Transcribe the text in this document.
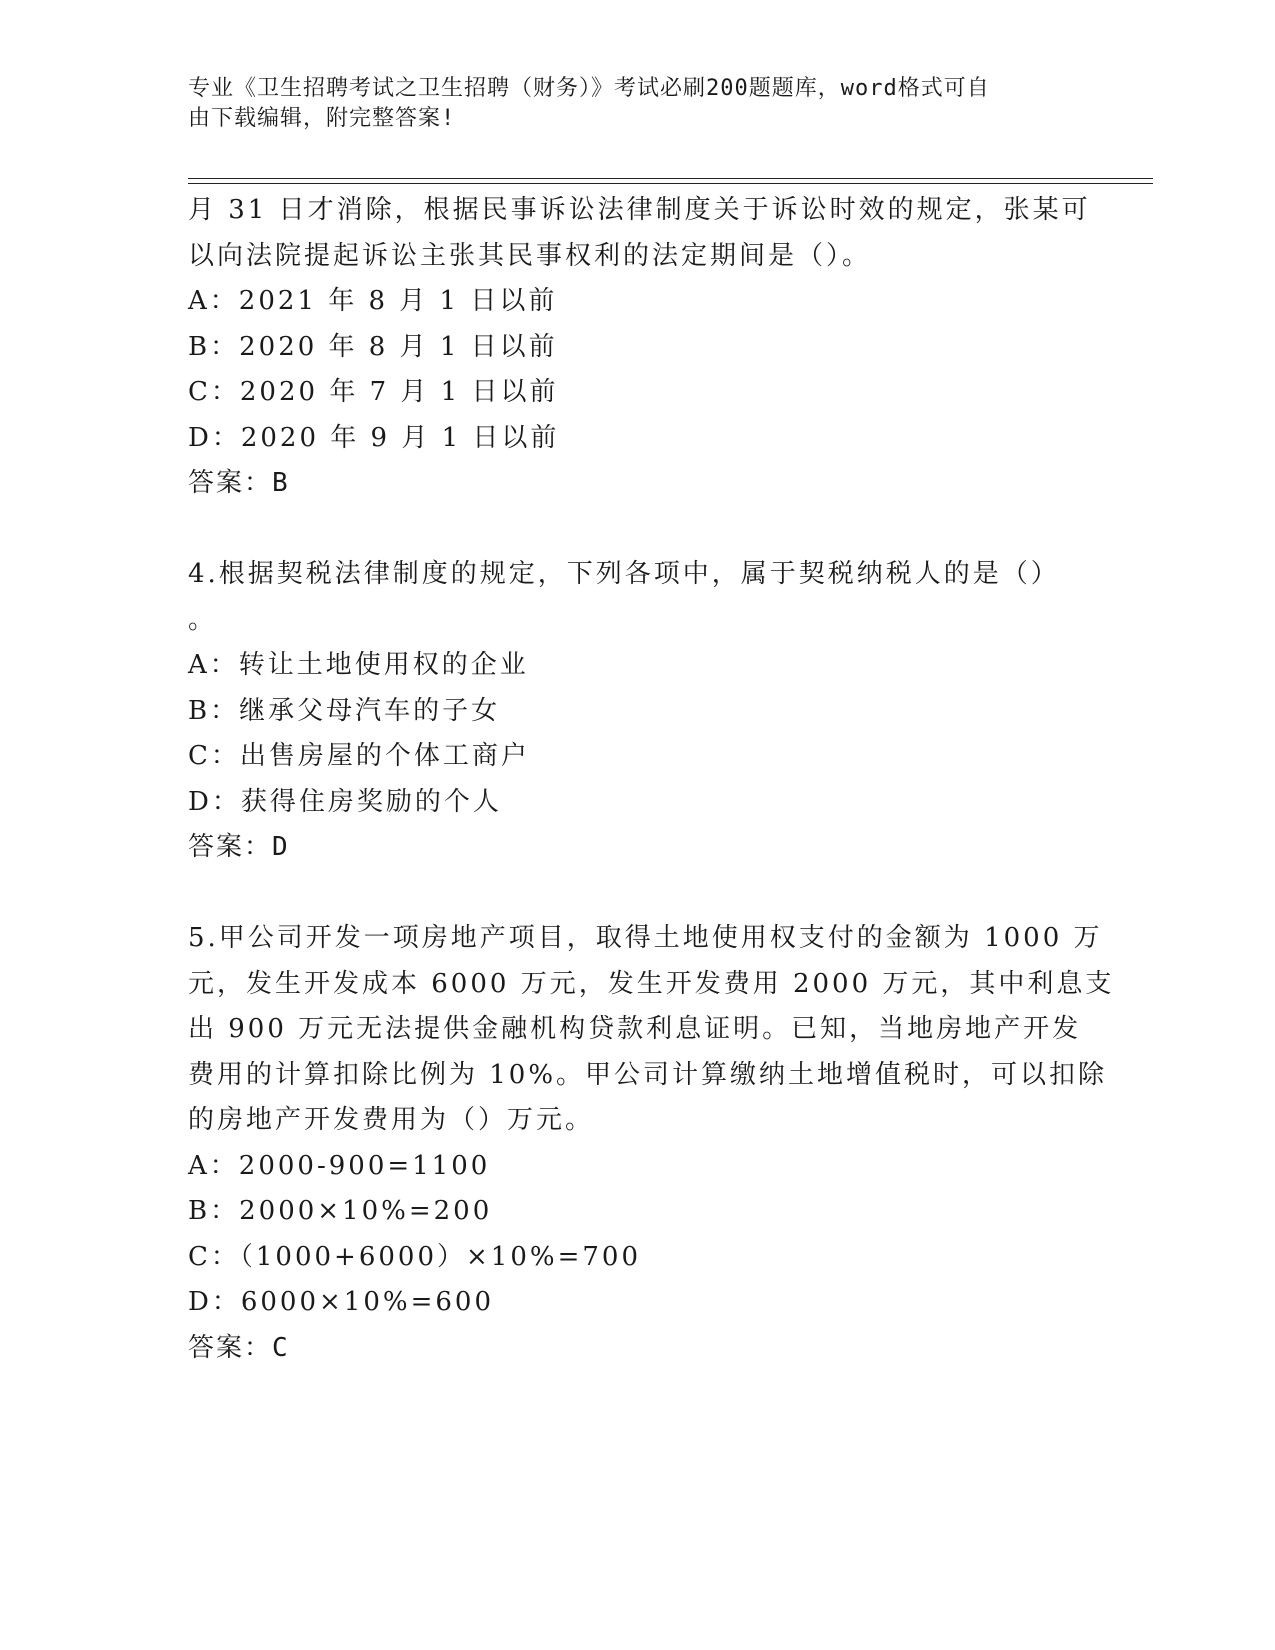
专业《卫生招聘考试之卫生招聘（财务）》考试必刷200题题库，word格式可自
由下载编辑，附完整答案!
月 31 日才消除，根据民事诉讼法律制度关于诉讼时效的规定，张某可
以向法院提起诉讼主张其民事权利的法定期间是（）。
A：2021 年 8 月 1 日以前
B：2020 年 8 月 1 日以前
C：2020 年 7 月 1 日以前
D：2020 年 9 月 1 日以前
答案：B
4.根据契税法律制度的规定，下列各项中，属于契税纳税人的是（）
。
A：转让土地使用权的企业
B：继承父母汽车的子女
C：出售房屋的个体工商户
D：获得住房奖励的个人
答案：D
5.甲公司开发一项房地产项目，取得土地使用权支付的金额为 1000 万
元，发生开发成本 6000 万元，发生开发费用 2000 万元，其中利息支
出 900 万元无法提供金融机构贷款利息证明。已知，当地房地产开发
费用的计算扣除比例为 10%。甲公司计算缴纳土地增值税时，可以扣除
的房地产开发费用为（）万元。
A：2000-900=1100
B：2000×10%=200
C：（1000+6000）×10%=700
D：6000×10%=600
答案：C
